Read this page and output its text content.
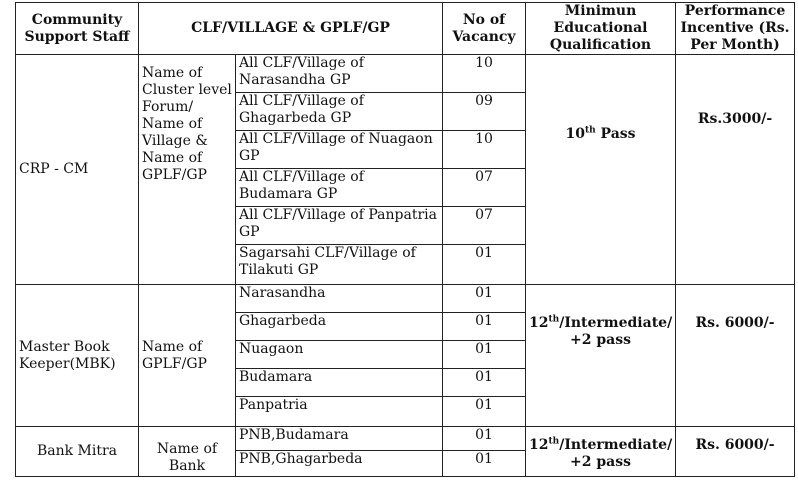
Community Support Staff	CLF/VILLAGE & GPLF/GP		No of Vacancy	Minimun Educational Qualification	Performance Incentive (Rs. Per Month)
CRP - CM	Name of Cluster level Forum/ Name of Village & Name of GPLF/GP	All CLF/Village of Narasandha GP	10	10th Pass	Rs.3000/-
		All CLF/Village of Ghagarbeda GP	09		
		All CLF/Village of Nuagaon GP	10		
		All CLF/Village of Budamara GP	07		
		All CLF/Village of Panpatria GP	07		
		Sagarsahi CLF/Village of Tilakuti GP	01		
Master Book Keeper(MBK)	Name of GPLF/GP	Narasandha	01	12th/Intermediate/ +2 pass	Rs. 6000/-
		Ghagarbeda	01		
		Nuagaon	01		
		Budamara	01		
		Panpatria	01		
Bank Mitra	Name of Bank	PNB,Budamara	01	12th/Intermediate/ +2 pass	Rs. 6000/-
		PNB,Ghagarbeda	01		
